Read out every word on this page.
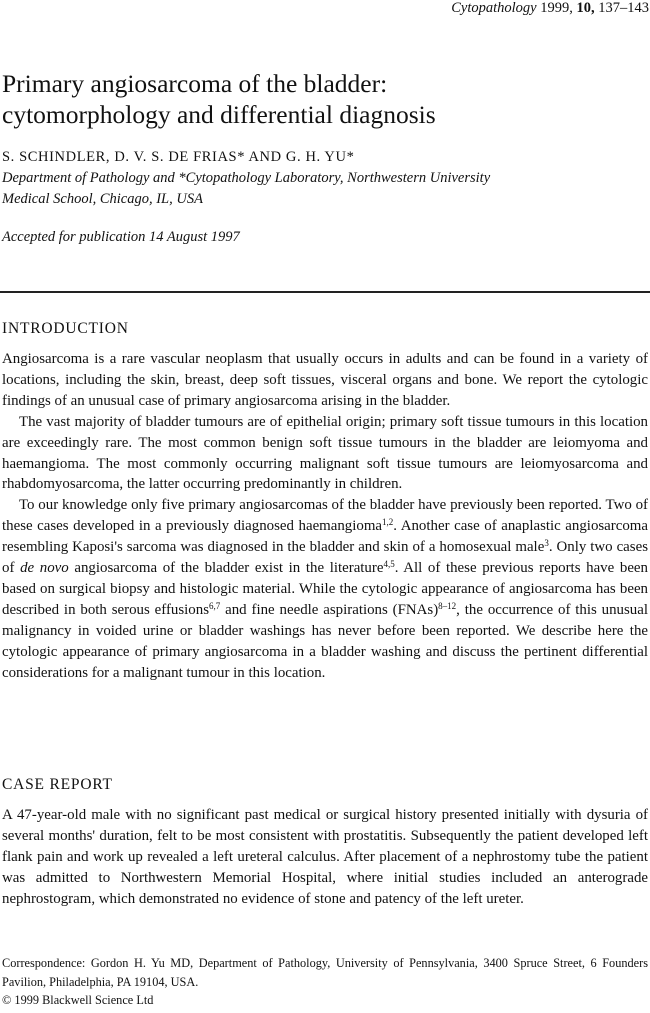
Cytopathology 1999, 10, 137–143
Primary angiosarcoma of the bladder:
cytomorphology and differential diagnosis
S. SCHINDLER, D. V. S. DE FRIAS* AND G. H. YU*
Department of Pathology and *Cytopathology Laboratory, Northwestern University
Medical School, Chicago, IL, USA
Accepted for publication 14 August 1997
INTRODUCTION

Angiosarcoma is a rare vascular neoplasm that usually occurs in adults and can be found in a variety of locations, including the skin, breast, deep soft tissues, visceral organs and bone. We report the cytologic findings of an unusual case of primary angiosarcoma arising in the bladder.

The vast majority of bladder tumours are of epithelial origin; primary soft tissue tumours in this location are exceedingly rare. The most common benign soft tissue tumours in the bladder are leiomyoma and haemangioma. The most commonly occurring malignant soft tissue tumours are leiomyosarcoma and rhabdomyosarcoma, the latter occurring predominantly in children.

To our knowledge only five primary angiosarcomas of the bladder have previously been reported. Two of these cases developed in a previously diagnosed haemangioma$^{1,2}$. Another case of anaplastic angiosarcoma resembling Kaposi's sarcoma was diagnosed in the bladder and skin of a homosexual male$^3$. Only two cases of de novo angiosarcoma of the bladder exist in the literature$^{4,5}$. All of these previous reports have been based on surgical biopsy and histologic material. While the cytologic appearance of angiosarcoma has been described in both serous effusions$^{6,7}$ and fine needle aspirations (FNAs)$^{8-12}$, the occurrence of this unusual malignancy in voided urine or bladder washings has never before been reported. We describe here the cytologic appearance of primary angiosarcoma in a bladder washing and discuss the pertinent differential considerations for a malignant tumour in this location.

CASE REPORT

A 47-year-old male with no significant past medical or surgical history presented initially with dysuria of several months' duration, felt to be most consistent with prostatitis. Subsequently the patient developed left flank pain and work up revealed a left ureteral calculus. After placement of a nephrostomy tube the patient was admitted to Northwestern Memorial Hospital, where initial studies included an anterograde nephrostogram, which demonstrated no evidence of stone and patency of the left ureter.

Correspondence: Gordon H. Yu MD, Department of Pathology, University of Pennsylvania, 3400 Spruce Street, 6 Founders Pavilion, Philadelphia, PA 19104, USA.
© 1999 Blackwell Science Ltd
